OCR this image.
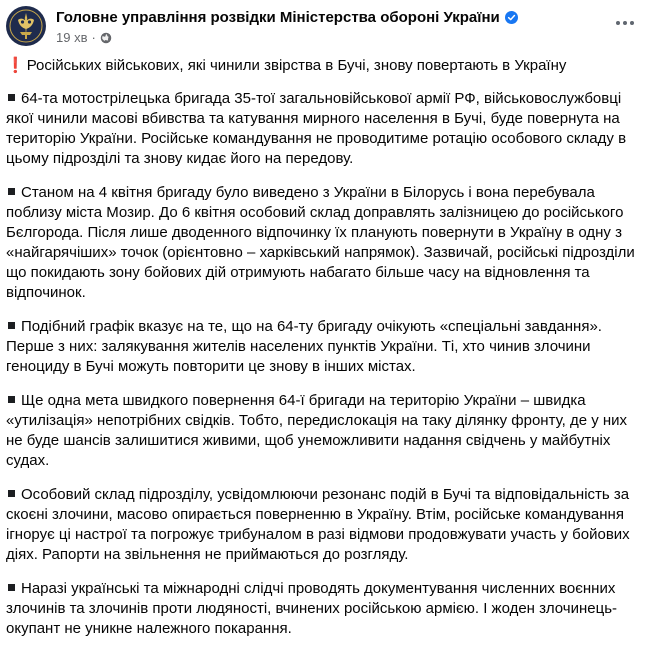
Головне управління розвідки Міністерства обороні України
19 хв ·
❗ Російських військових, які чинили звірства в Бучі, знову повертають в Україну
64-та мотострілецька бригада 35-тої загальновійськової армії РФ, військовослужбовці якої чинили масові вбивства та катування мирного населення в Бучі, буде повернута на територію України. Російське командування не проводитиме ротацію особового складу в цьому підрозділі та знову кидає його на передову.
Станом на 4 квітня бригаду було виведено з України в Білорусь і вона перебувала поблизу міста Мозир. До 6 квітня особовий склад доправлять залізницею до російського Бєлгорода. Після лише дводенного відпочинку їх планують повернути в Україну в одну з «найгарячіших» точок (орієнтовно – харківський напрямок). Зазвичай, російські підрозділи що покидають зону бойових дій отримують набагато більше часу на відновлення та відпочинок.
Подібний графік вказує на те, що на 64-ту бригаду очікують «спеціальні завдання». Перше з них: залякування жителів населених пунктів України. Ті, хто чинив злочини геноциду в Бучі можуть повторити це знову в інших містах.
Ще одна мета швидкого повернення 64-ї бригади на територію України – швидка «утилізація» непотрібних свідків. Тобто, передислокація на таку ділянку фронту, де у них не буде шансів залишитися живими, щоб унеможливити надання свідчень у майбутніх судах.
Особовий склад підрозділу, усвідомлюючи резонанс подій в Бучі та відповідальність за скоєні злочини, масово опирається поверненню в Україну. Втім, російське командування ігнорує ці настрої та погрожує трибуналом в разі відмови продовжувати участь у бойових діях. Рапорти на звільнення не приймаються до розгляду.
Наразі українські та міжнародні слідчі проводять документування численних воєнних злочинів та злочинів проти людяності, вчинених російською армією. І жоден злочинець-окупант не уникне належного покарання.
